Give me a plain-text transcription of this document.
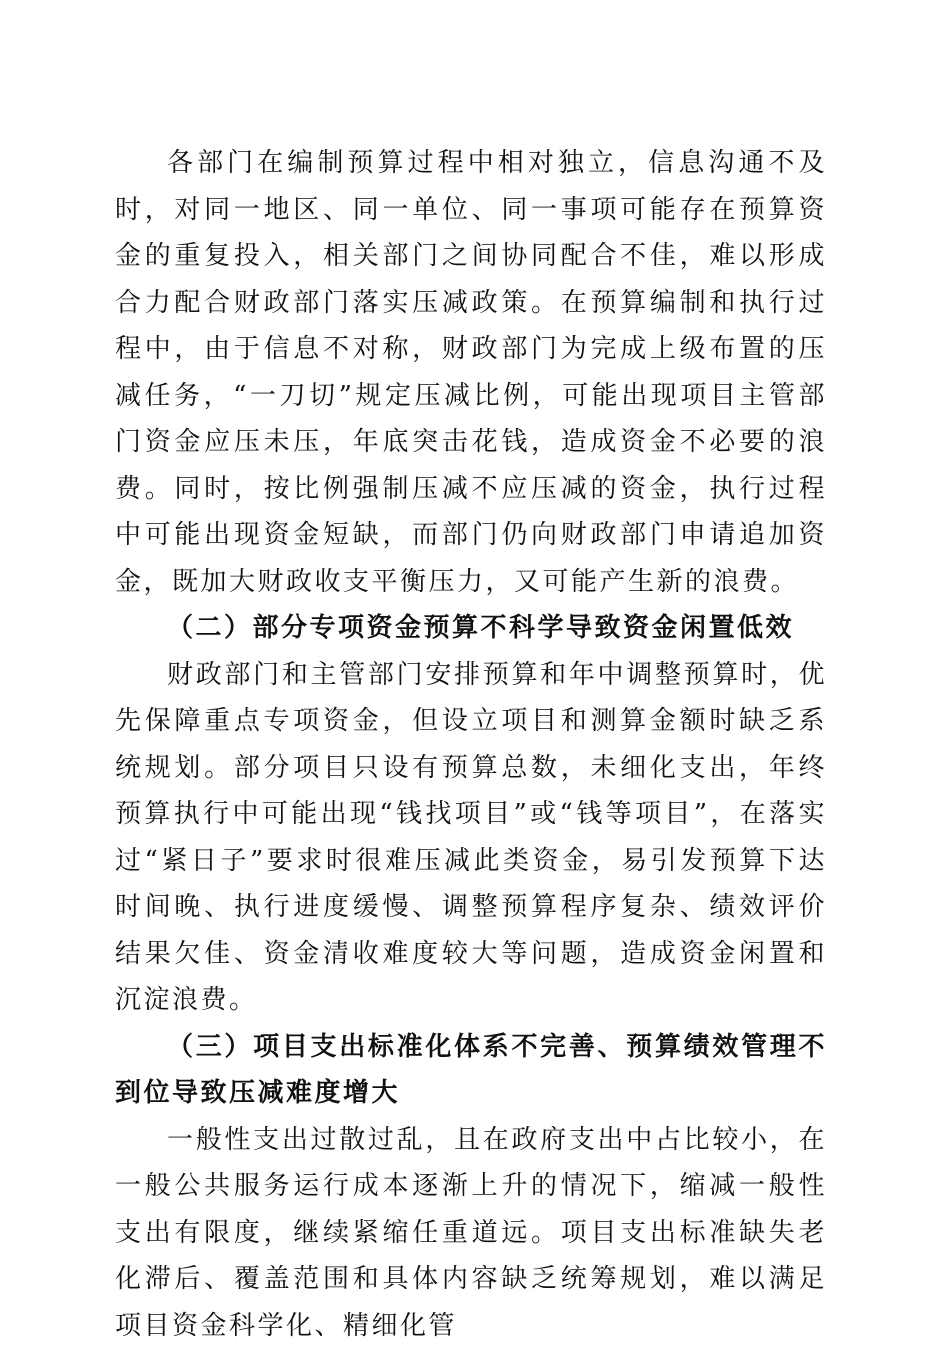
各部门在编制预算过程中相对独立，信息沟通不及时，对同一地区、同一单位、同一事项可能存在预算资金的重复投入，相关部门之间协同配合不佳，难以形成合力配合财政部门落实压减政策。在预算编制和执行过程中，由于信息不对称，财政部门为完成上级布置的压减任务，“一刀切”规定压减比例，可能出现项目主管部门资金应压未压，年底突击花钱，造成资金不必要的浪费。同时，按比例强制压减不应压减的资金，执行过程中可能出现资金短缺，而部门仍向财政部门申请追加资金，既加大财政收支平衡压力，又可能产生新的浪费。

（二）部分专项资金预算不科学导致资金闲置低效

财政部门和主管部门安排预算和年中调整预算时，优先保障重点专项资金，但设立项目和测算金额时缺乏系统规划。部分项目只设有预算总数，未细化支出，年终预算执行中可能出现“钱找项目”或“钱等项目”，在落实过“紧日子”要求时很难压减此类资金，易引发预算下达时间晚、执行进度缓慢、调整预算程序复杂、绩效评价结果欠佳、资金清收难度较大等问题，造成资金闲置和沉淀浪费。

（三）项目支出标准化体系不完善、预算绩效管理不到位导致压减难度增大

一般性支出过散过乱，且在政府支出中占比较小，在一般公共服务运行成本逐渐上升的情况下，缩减一般性支出有限度，继续紧缩任重道远。项目支出标准缺失老化滞后、覆盖范围和具体内容缺乏统筹规划，难以满足项目资金科学化、精细化管
